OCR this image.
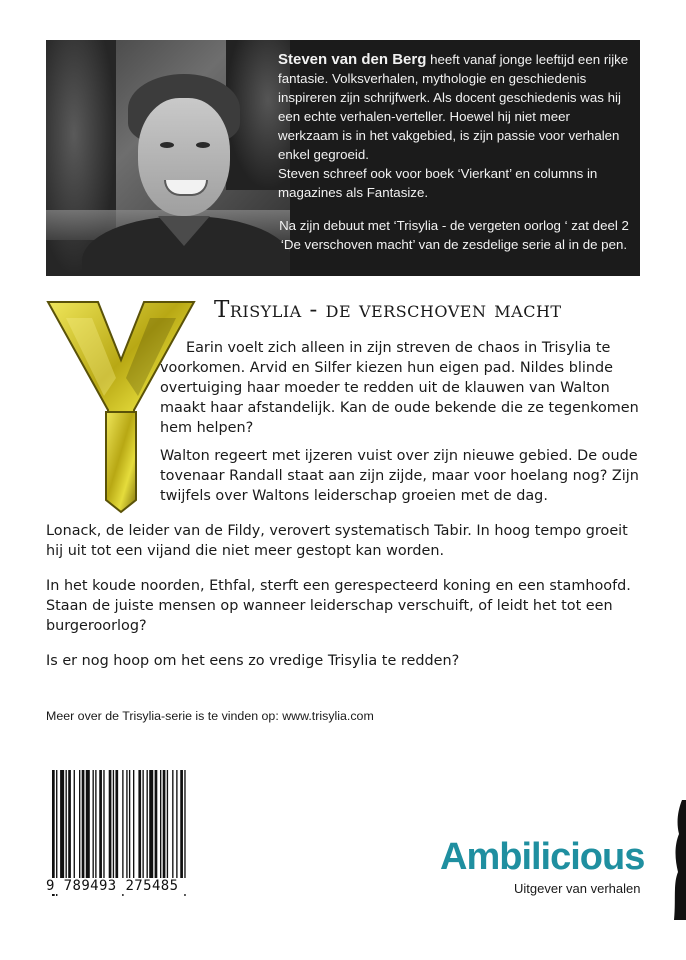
Steven van den Berg heeft vanaf jonge leeftijd een rijke fantasie. Volksverhalen, mythologie en geschiedenis inspireren zijn schrijfwerk. Als docent geschiedenis was hij een echte verhalen-verteller. Hoewel hij niet meer werkzaam is in het vakgebied, is zijn passie voor verhalen enkel gegroeid.

Steven schreef ook voor boek ‘Vierkant’ en columns in magazines als Fantasize.

Na zijn debuut met ‘Trisylia - de vergeten oorlog ‘ zat deel 2 ‘De verschoven macht’ van de zesdelige serie al in de pen.

Trisylia - de verschoven macht

Earin voelt zich alleen in zijn streven de chaos in Trisylia te voorkomen. Arvid en Silfer kiezen hun eigen pad. Nildes blinde overtuiging haar moeder te redden uit de klauwen van Walton maakt haar afstandelijk. Kan de oude bekende die ze tegenkomen hem helpen?

Walton regeert met ijzeren vuist over zijn nieuwe gebied. De oude tovenaar Randall staat aan zijn zijde, maar voor hoelang nog? Zijn twijfels over Waltons leiderschap groeien met de dag.

Lonack, de leider van de Fildy, verovert systematisch Tabir. In hoog tempo groeit hij uit tot een vijand die niet meer gestopt kan worden.

In het koude noorden, Ethfal, sterft een gerespecteerd koning en een stamhoofd. Staan de juiste mensen op wanneer leiderschap verschuift, of leidt het tot een burgeroorlog?

Is er nog hoop om het eens zo vredige Trisylia te redden?

Meer over de Trisylia-serie is te vinden op: www.trisylia.com

9 789493 275485

Ambilicious

Uitgever van verhalen
